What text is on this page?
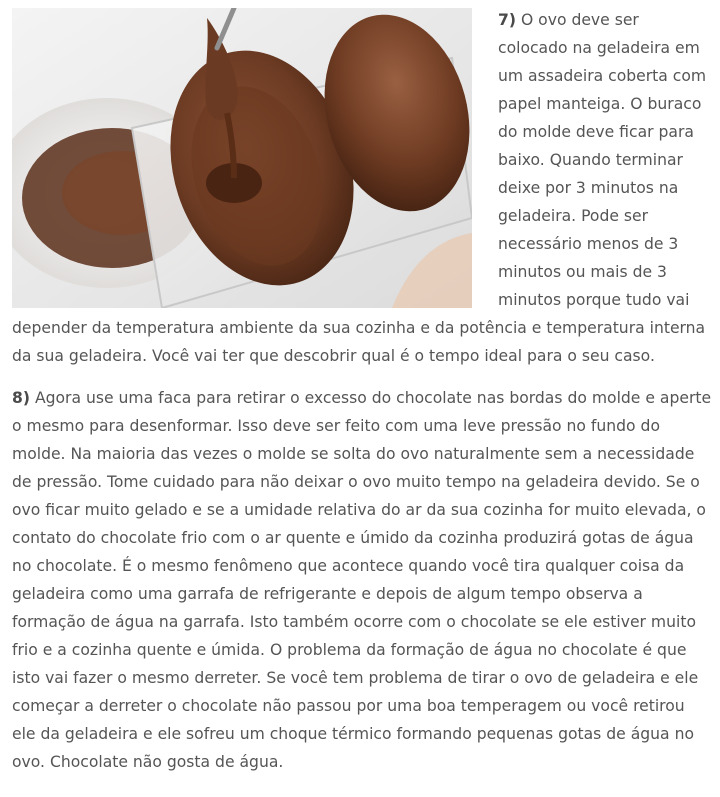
7) O ovo deve ser colocado na geladeira em um assadeira coberta com papel manteiga. O buraco do molde deve ficar para baixo. Quando terminar deixe por 3 minutos na geladeira. Pode ser necessário menos de 3 minutos ou mais de 3 minutos porque tudo vai depender da temperatura ambiente da sua cozinha e da potência e temperatura interna da sua geladeira. Você vai ter que descobrir qual é o tempo ideal para o seu caso.

8) Agora use uma faca para retirar o excesso do chocolate nas bordas do molde e aperte o mesmo para desenformar. Isso deve ser feito com uma leve pressão no fundo do molde. Na maioria das vezes o molde se solta do ovo naturalmente sem a necessidade de pressão. Tome cuidado para não deixar o ovo muito tempo na geladeira devido. Se o ovo ficar muito gelado e se a umidade relativa do ar da sua cozinha for muito elevada, o contato do chocolate frio com o ar quente e úmido da cozinha produzirá gotas de água no chocolate. É o mesmo fenômeno que acontece quando você tira qualquer coisa da geladeira como uma garrafa de refrigerante e depois de algum tempo observa a formação de água na garrafa. Isto também ocorre com o chocolate se ele estiver muito frio e a cozinha quente e úmida. O problema da formação de água no chocolate é que isto vai fazer o mesmo derreter. Se você tem problema de tirar o ovo de geladeira e ele começar a derreter o chocolate não passou por uma boa temperagem ou você retirou ele da geladeira e ele sofreu um choque térmico formando pequenas gotas de água no ovo. Chocolate não gosta de água.
